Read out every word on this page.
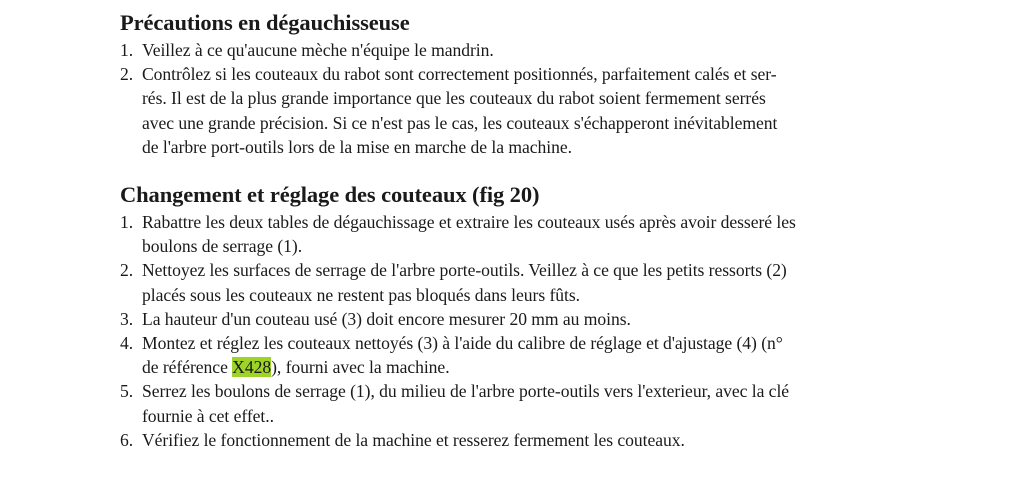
Précautions en dégauchisseuse
1. Veillez à ce qu'aucune mèche n'équipe le mandrin.
2. Contrôlez si les couteaux du rabot sont correctement positionnés, parfaitement calés et ser-
rés. Il est de la plus grande importance que les couteaux du rabot soient fermement serrés
avec une grande précision. Si ce n'est pas le cas, les couteaux s'échapperont inévitablement
de l'arbre port-outils lors de la mise en marche de la machine.
Changement et réglage des couteaux (fig 20)
1. Rabattre les deux tables de dégauchissage et extraire les couteaux usés après avoir desseré les
boulons de serrage (1).
2. Nettoyez les surfaces de serrage de l'arbre porte-outils. Veillez à ce que les petits ressorts (2)
placés sous les couteaux ne restent pas bloqués dans leurs fûts.
3. La hauteur d'un couteau usé (3) doit encore mesurer 20 mm au moins.
4. Montez et réglez les couteaux nettoyés (3) à l'aide du calibre de réglage et d'ajustage (4) (n°
de référence X428), fourni avec la machine.
5. Serrez les boulons de serrage (1), du milieu de l'arbre porte-outils vers l'exterieur, avec la clé
fournie à cet effet..
6. Vérifiez le fonctionnement de la machine et resserez fermement les couteaux.
